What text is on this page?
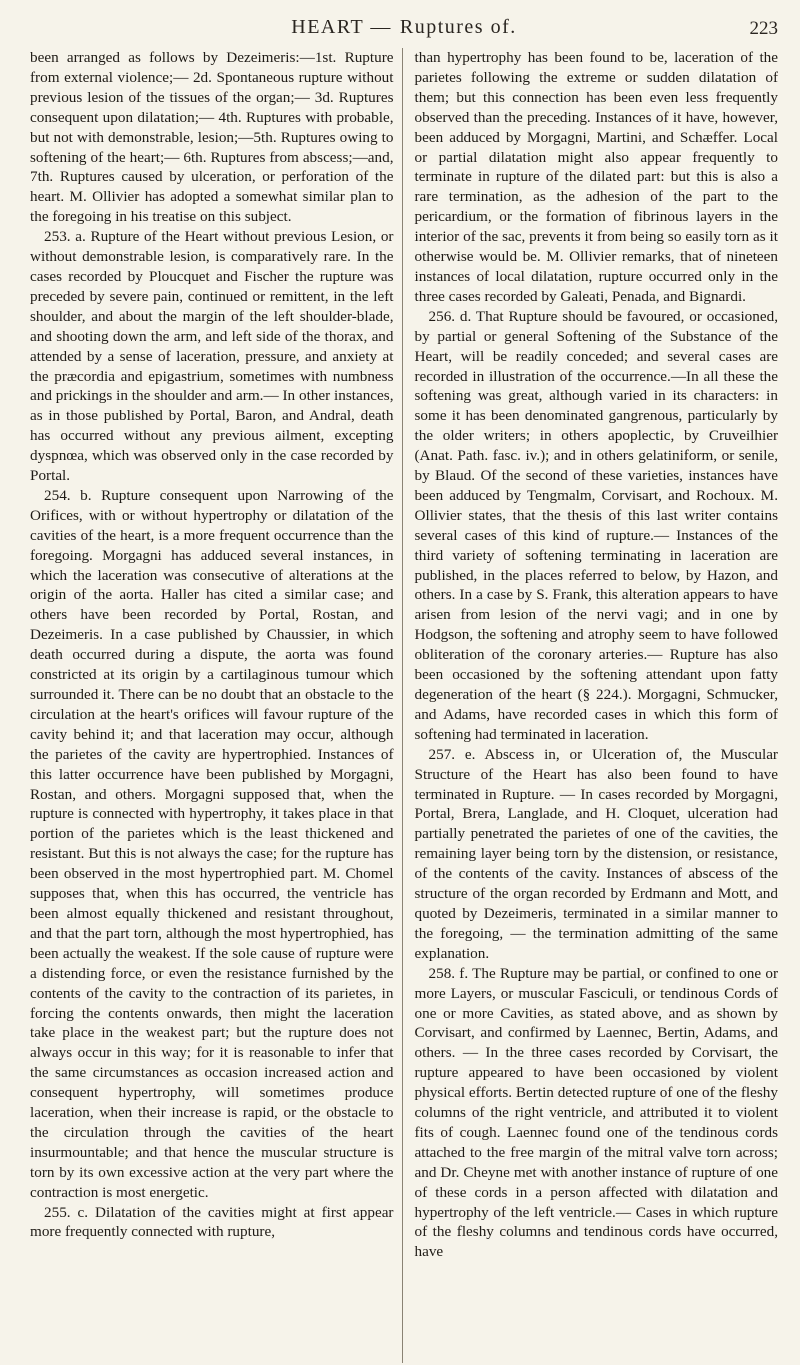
HEART — Ruptures of.	223

been arranged as follows by Dezeimeris:—1st. Rupture from external violence;— 2d. Spontaneous rupture without previous lesion of the tissues of the organ;— 3d. Ruptures consequent upon dilatation;— 4th. Ruptures with probable, but not with demonstrable, lesion;—5th. Ruptures owing to softening of the heart;— 6th. Ruptures from abscess;—and, 7th. Ruptures caused by ulceration, or perforation of the heart. M. Ollivier has adopted a somewhat similar plan to the foregoing in his treatise on this subject.

253. a. Rupture of the Heart without previous Lesion, or without demonstrable lesion, is comparatively rare. In the cases recorded by Ploucquet and Fischer the rupture was preceded by severe pain, continued or remittent, in the left shoulder, and about the margin of the left shoulder-blade, and shooting down the arm, and left side of the thorax, and attended by a sense of laceration, pressure, and anxiety at the præcordia and epigastrium, sometimes with numbness and prickings in the shoulder and arm.— In other instances, as in those published by Portal, Baron, and Andral, death has occurred without any previous ailment, excepting dyspnœa, which was observed only in the case recorded by Portal.

254. b. Rupture consequent upon Narrowing of the Orifices, with or without hypertrophy or dilatation of the cavities of the heart, is a more frequent occurrence than the foregoing. Morgagni has adduced several instances, in which the laceration was consecutive of alterations at the origin of the aorta. Haller has cited a similar case; and others have been recorded by Portal, Rostan, and Dezeimeris. In a case published by Chaussier, in which death occurred during a dispute, the aorta was found constricted at its origin by a cartilaginous tumour which surrounded it. There can be no doubt that an obstacle to the circulation at the heart's orifices will favour rupture of the cavity behind it; and that laceration may occur, although the parietes of the cavity are hypertrophied. Instances of this latter occurrence have been published by Morgagni, Rostan, and others. Morgagni supposed that, when the rupture is connected with hypertrophy, it takes place in that portion of the parietes which is the least thickened and resistant. But this is not always the case; for the rupture has been observed in the most hypertrophied part. M. Chomel supposes that, when this has occurred, the ventricle has been almost equally thickened and resistant throughout, and that the part torn, although the most hypertrophied, has been actually the weakest. If the sole cause of rupture were a distending force, or even the resistance furnished by the contents of the cavity to the contraction of its parietes, in forcing the contents onwards, then might the laceration take place in the weakest part; but the rupture does not always occur in this way; for it is reasonable to infer that the same circumstances as occasion increased action and consequent hypertrophy, will sometimes produce laceration, when their increase is rapid, or the obstacle to the circulation through the cavities of the heart insurmountable; and that hence the muscular structure is torn by its own excessive action at the very part where the contraction is most energetic.

255. c. Dilatation of the cavities might at first appear more frequently connected with rupture,

than hypertrophy has been found to be, laceration of the parietes following the extreme or sudden dilatation of them; but this connection has been even less frequently observed than the preceding. Instances of it have, however, been adduced by Morgagni, Martini, and Schæffer. Local or partial dilatation might also appear frequently to terminate in rupture of the dilated part: but this is also a rare termination, as the adhesion of the part to the pericardium, or the formation of fibrinous layers in the interior of the sac, prevents it from being so easily torn as it otherwise would be. M. Ollivier remarks, that of nineteen instances of local dilatation, rupture occurred only in the three cases recorded by Galeati, Penada, and Bignardi.

256. d. That Rupture should be favoured, or occasioned, by partial or general Softening of the Substance of the Heart, will be readily conceded; and several cases are recorded in illustration of the occurrence.—In all these the softening was great, although varied in its characters: in some it has been denominated gangrenous, particularly by the older writers; in others apoplectic, by Cruveilhier (Anat. Path. fasc. iv.); and in others gelatiniform, or senile, by Blaud. Of the second of these varieties, instances have been adduced by Tengmalm, Corvisart, and Rochoux. M. Ollivier states, that the thesis of this last writer contains several cases of this kind of rupture.— Instances of the third variety of softening terminating in laceration are published, in the places referred to below, by Hazon, and others. In a case by S. Frank, this alteration appears to have arisen from lesion of the nervi vagi; and in one by Hodgson, the softening and atrophy seem to have followed obliteration of the coronary arteries.— Rupture has also been occasioned by the softening attendant upon fatty degeneration of the heart (§ 224.). Morgagni, Schmucker, and Adams, have recorded cases in which this form of softening had terminated in laceration.

257. e. Abscess in, or Ulceration of, the Muscular Structure of the Heart has also been found to have terminated in Rupture. — In cases recorded by Morgagni, Portal, Brera, Langlade, and H. Cloquet, ulceration had partially penetrated the parietes of one of the cavities, the remaining layer being torn by the distension, or resistance, of the contents of the cavity. Instances of abscess of the structure of the organ recorded by Erdmann and Mott, and quoted by Dezeimeris, terminated in a similar manner to the foregoing, — the termination admitting of the same explanation.

258. f. The Rupture may be partial, or confined to one or more Layers, or muscular Fasciculi, or tendinous Cords of one or more Cavities, as stated above, and as shown by Corvisart, and confirmed by Laennec, Bertin, Adams, and others. — In the three cases recorded by Corvisart, the rupture appeared to have been occasioned by violent physical efforts. Bertin detected rupture of one of the fleshy columns of the right ventricle, and attributed it to violent fits of cough. Laennec found one of the tendinous cords attached to the free margin of the mitral valve torn across; and Dr. Cheyne met with another instance of rupture of one of these cords in a person affected with dilatation and hypertrophy of the left ventricle.— Cases in which rupture of the fleshy columns and tendinous cords have occurred, have
